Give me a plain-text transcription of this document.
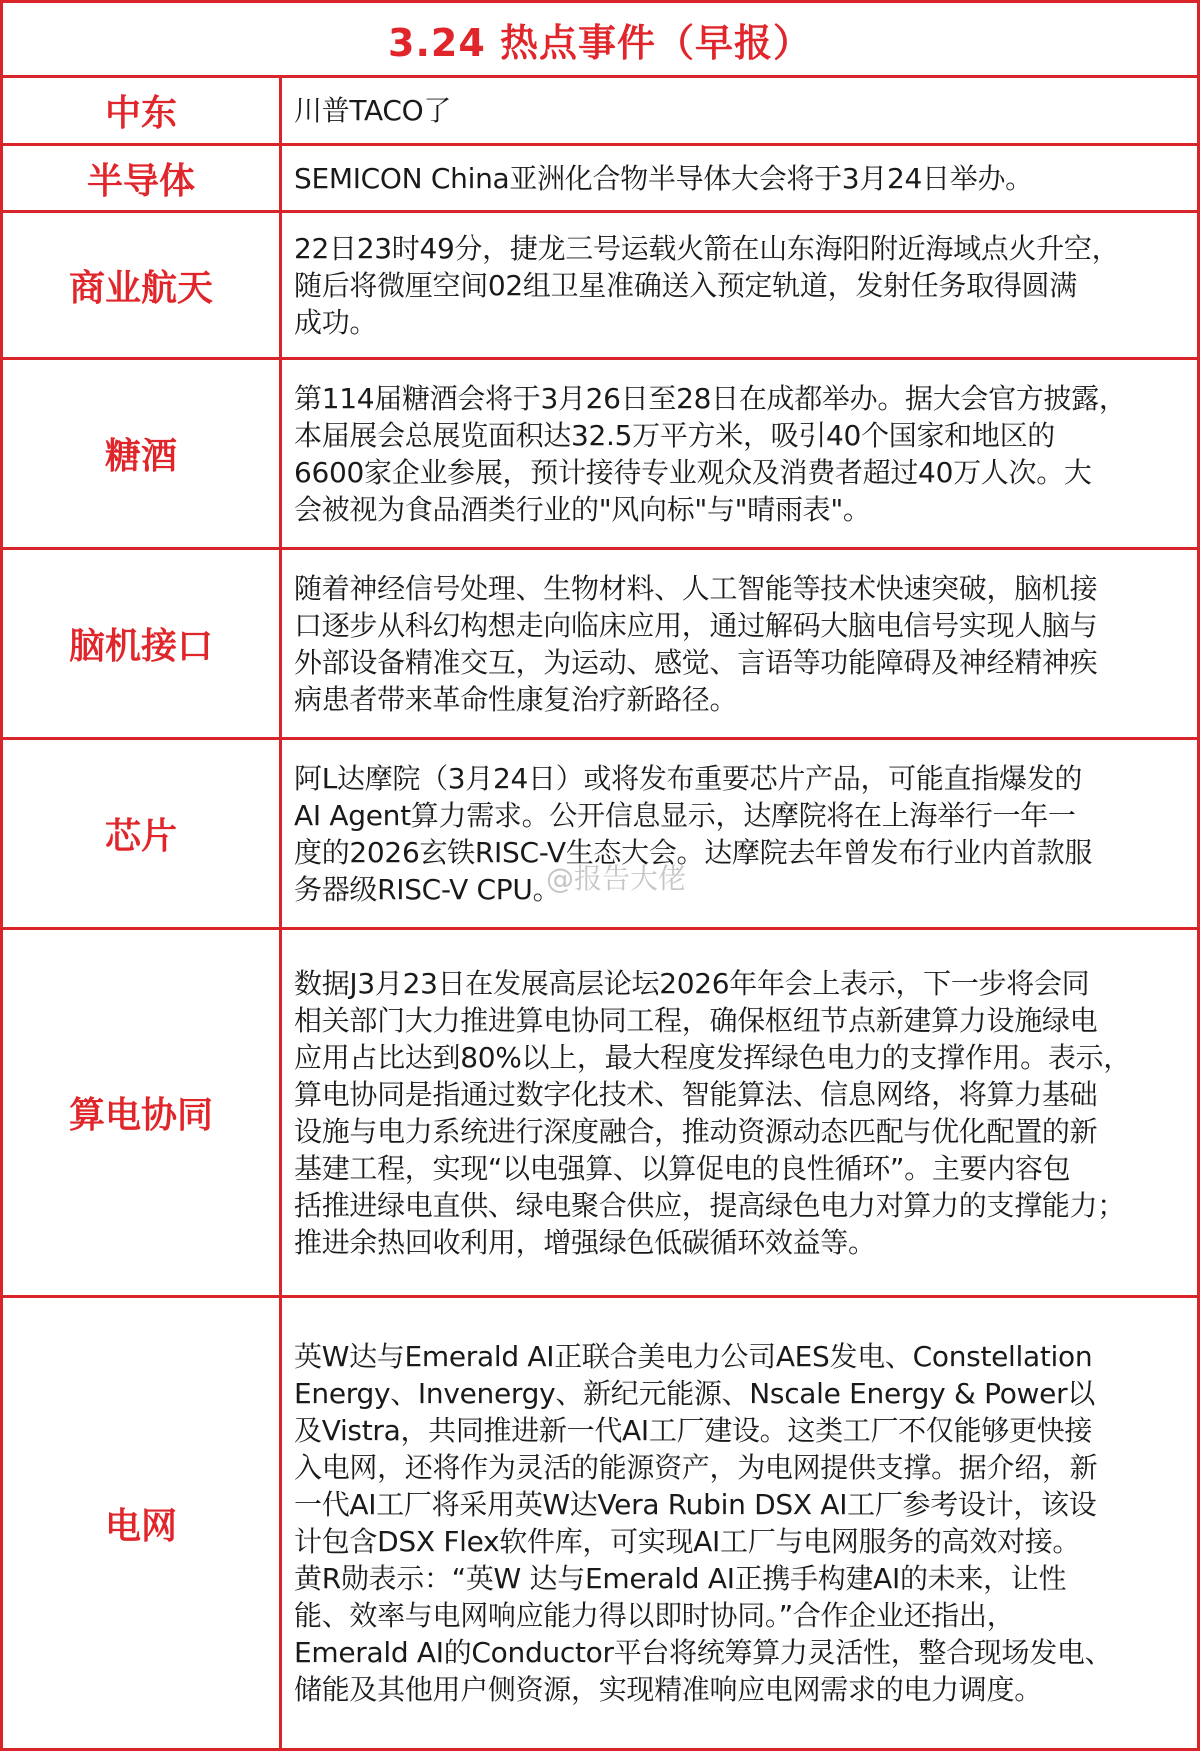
3.24 热点事件（早报）
中东	川普TACO了
半导体	SEMICON China亚洲化合物半导体大会将于3月24日举办。
商业航天
22日23时49分，捷龙三号运载火箭在山东海阳附近海域点火升空，
随后将微厘空间02组卫星准确送入预定轨道，发射任务取得圆满
成功。
糖酒
第114届糖酒会将于3月26日至28日在成都举办。据大会官方披露，
本届展会总展览面积达32.5万平方米，吸引40个国家和地区的
6600家企业参展，预计接待专业观众及消费者超过40万人次。大
会被视为食品酒类行业的"风向标"与"晴雨表"。
脑机接口
随着神经信号处理、生物材料、人工智能等技术快速突破，脑机接
口逐步从科幻构想走向临床应用，通过解码大脑电信号实现人脑与
外部设备精准交互，为运动、感觉、言语等功能障碍及神经精神疾
病患者带来革命性康复治疗新路径。
芯片
阿L达摩院（3月24日）或将发布重要芯片产品，可能直指爆发的
AI Agent算力需求。公开信息显示，达摩院将在上海举行一年一
度的2026玄铁RISC-V生态大会。达摩院去年曾发布行业内首款服
务器级RISC-V CPU。
算电协同
数据J3月23日在发展高层论坛2026年年会上表示，下一步将会同
相关部门大力推进算电协同工程，确保枢纽节点新建算力设施绿电
应用占比达到80%以上，最大程度发挥绿色电力的支撑作用。表示，
算电协同是指通过数字化技术、智能算法、信息网络，将算力基础
设施与电力系统进行深度融合，推动资源动态匹配与优化配置的新
基建工程，实现“以电强算、以算促电的良性循环”。主要内容包
括推进绿电直供、绿电聚合供应，提高绿色电力对算力的支撑能力；
推进余热回收利用，增强绿色低碳循环效益等。
电网
英W达与Emerald AI正联合美电力公司AES发电、Constellation
Energy、Invenergy、新纪元能源、Nscale Energy & Power以
及Vistra，共同推进新一代AI工厂建设。这类工厂不仅能够更快接
入电网，还将作为灵活的能源资产，为电网提供支撑。据介绍，新
一代AI工厂将采用英W达Vera Rubin DSX AI工厂参考设计，该设
计包含DSX Flex软件库，可实现AI工厂与电网服务的高效对接。
黄R勋表示：“英W 达与Emerald AI正携手构建AI的未来，让性
能、效率与电网响应能力得以即时协同。”合作企业还指出，
Emerald AI的Conductor平台将统筹算力灵活性，整合现场发电、
储能及其他用户侧资源，实现精准响应电网需求的电力调度。
@报告大佬
